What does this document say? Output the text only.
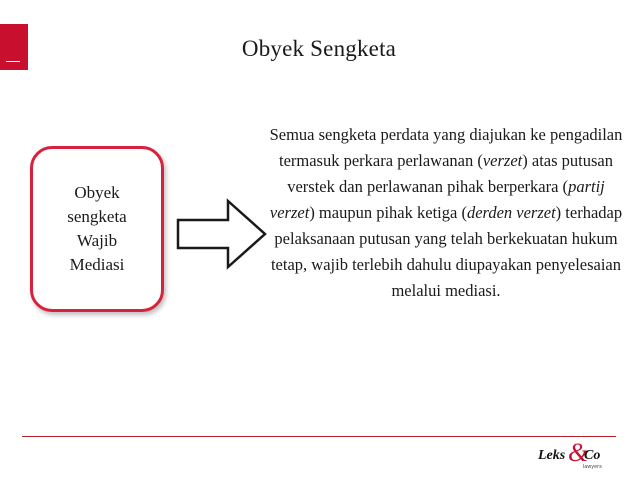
Obyek Sengketa
Obyek
sengketa
Wajib
Mediasi
Semua sengketa perdata yang diajukan ke pengadilan termasuk perkara perlawanan (verzet) atas putusan verstek dan perlawanan pihak berperkara (partij verzet) maupun pihak ketiga (derden verzet) terhadap pelaksanaan putusan yang telah berkekuatan hukum tetap, wajib terlebih dahulu diupayakan penyelesaian melalui mediasi.
Leks &
Co
lawyers
